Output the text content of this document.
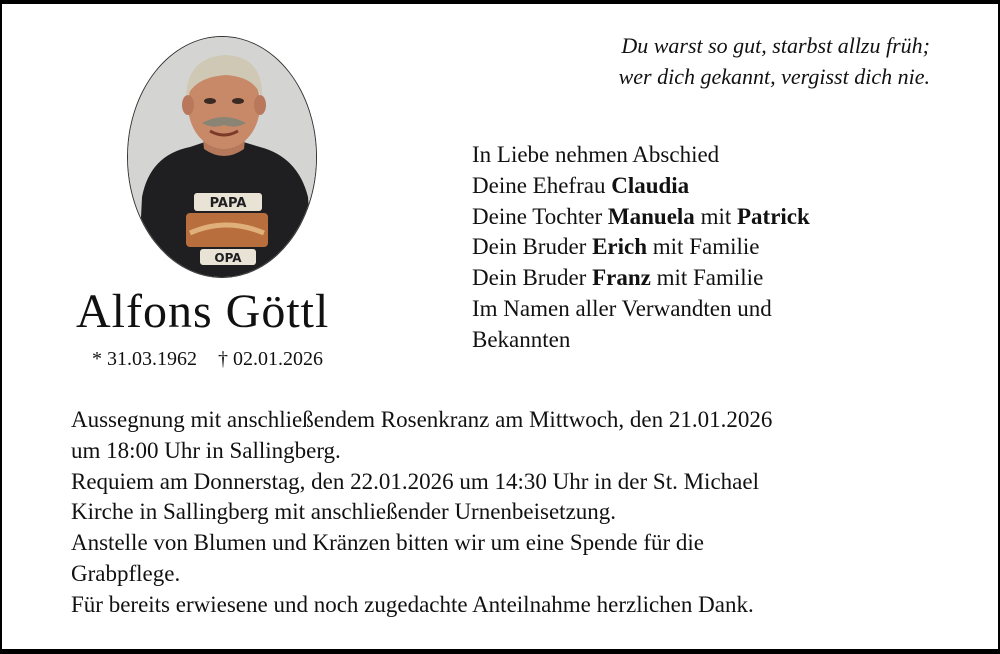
PAPA
OPA
Du warst so gut, starbst allzu früh;
wer dich gekannt, vergisst dich nie.
Alfons Göttl
* 31.03.1962 † 02.01.2026
In Liebe nehmen Abschied
Deine Ehefrau Claudia
Deine Tochter Manuela mit Patrick
Dein Bruder Erich mit Familie
Dein Bruder Franz mit Familie
Im Namen aller Verwandten und
Bekannten

Aussegnung mit anschließendem Rosenkranz am Mittwoch, den 21.01.2026

um 18:00 Uhr in Sallingberg.

Requiem am Donnerstag, den 22.01.2026 um 14:30 Uhr in der St. Michael

Kirche in Sallingberg mit anschließender Urnenbeisetzung.

Anstelle von Blumen und Kränzen bitten wir um eine Spende für die

Grabpflege.

Für bereits erwiesene und noch zugedachte Anteilnahme herzlichen Dank.
